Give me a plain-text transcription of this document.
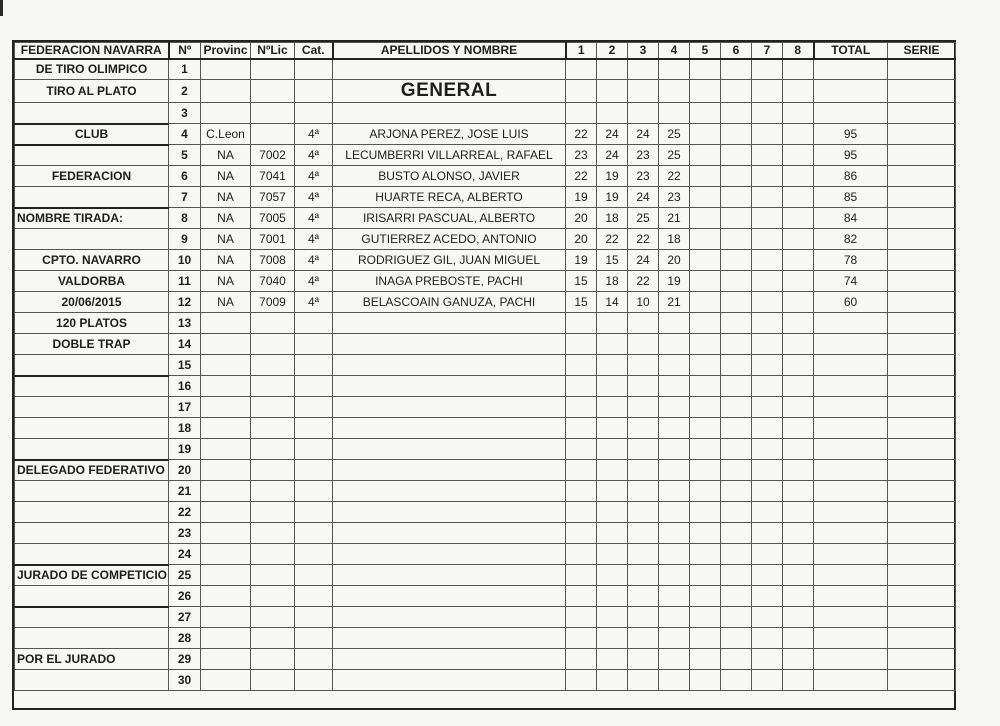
FEDERACION NAVARRA	Nº	Provinc	NºLic	Cat.	APELLIDOS Y NOMBRE	1	2	3	4	5	6	7	8	TOTAL	SERIE
DE TIRO OLIMPICO	1														
TIRO AL PLATO	2				GENERAL										
	3														
CLUB	4	C.Leon		4ª	ARJONA PEREZ, JOSE LUIS	22	24	24	25					95	
	5	NA	7002	4ª	LECUMBERRI VILLARREAL, RAFAEL	23	24	23	25					95	
FEDERACION	6	NA	7041	4ª	BUSTO ALONSO, JAVIER	22	19	23	22					86	
	7	NA	7057	4ª	HUARTE RECA, ALBERTO	19	19	24	23					85	
NOMBRE TIRADA:	8	NA	7005	4ª	IRISARRI PASCUAL, ALBERTO	20	18	25	21					84	
	9	NA	7001	4ª	GUTIERREZ ACEDO, ANTONIO	20	22	22	18					82	
CPTO. NAVARRO	10	NA	7008	4ª	RODRIGUEZ GIL, JUAN MIGUEL	19	15	24	20					78	
VALDORBA	11	NA	7040	4ª	INAGA PREBOSTE, PACHI	15	18	22	19					74	
20/06/2015	12	NA	7009	4ª	BELASCOAIN GANUZA, PACHI	15	14	10	21					60	
120 PLATOS	13														
DOBLE TRAP	14														
	15														
	16														
	17														
	18														
	19														
DELEGADO FEDERATIVO	20														
	21														
	22														
	23														
	24														
JURADO DE COMPETICIO	25														
	26														
	27														
	28														
POR EL JURADO	29														
	30														
